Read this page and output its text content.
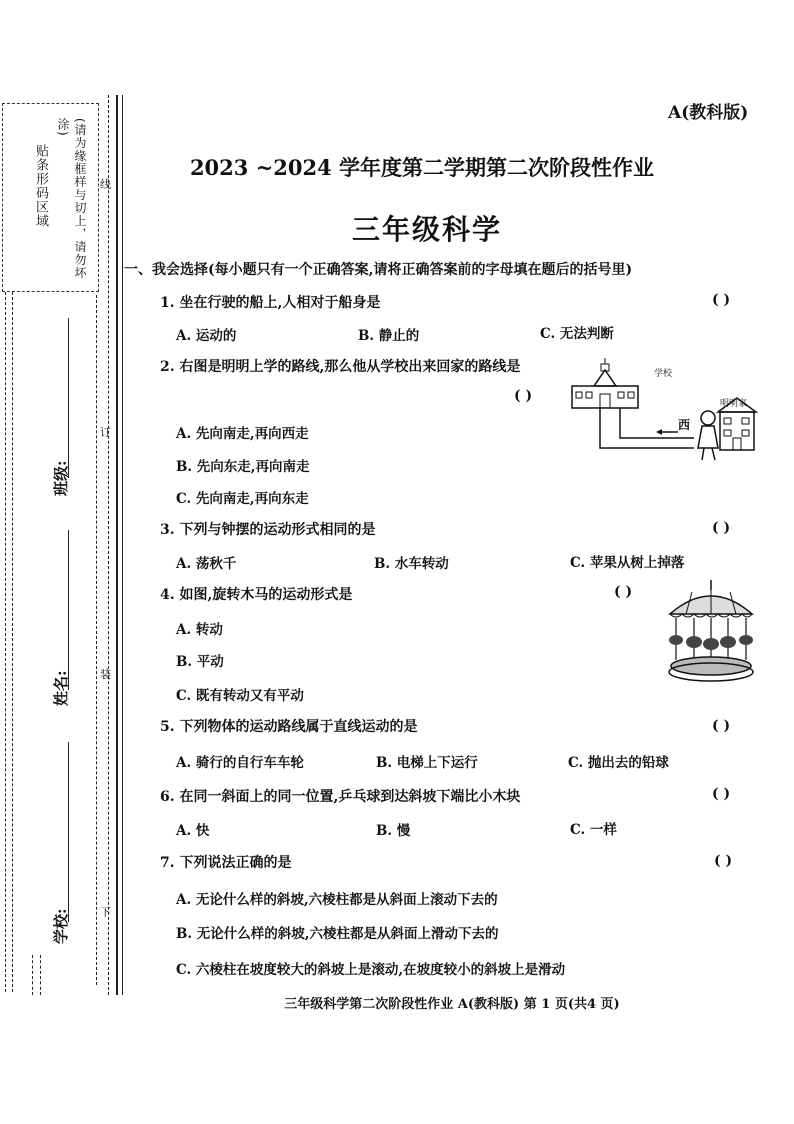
贴条形码区域	(请为缘框样与切上，请勿坏涂)
线
订
装
下
班级:
姓名:
学校:
A(教科版)
2023 ~2024 学年度第二学期第二次阶段性作业
三年级科学
一、我会选择(每小题只有一个正确答案,请将正确答案前的字母填在题后的括号里)
1. 坐在行驶的船上,人相对于船身是	( )
A. 运动的	B. 静止的	C. 无法判断
2. 右图是明明上学的路线,那么他从学校出来回家的路线是
( )
A. 先向南走,再向西走
B. 先向东走,再向南走
C. 先向南走,再向东走
学校
明明家
西
3. 下列与钟摆的运动形式相同的是	( )
A. 荡秋千	B. 水车转动	C. 苹果从树上掉落
4. 如图,旋转木马的运动形式是	( )
A. 转动
B. 平动
C. 既有转动又有平动
5. 下列物体的运动路线属于直线运动的是	( )
A. 骑行的自行车车轮	B. 电梯上下运行	C. 抛出去的铅球
6. 在同一斜面上的同一位置,乒乓球到达斜坡下端比小木块	( )
A. 快	B. 慢	C. 一样
7. 下列说法正确的是	( )
A. 无论什么样的斜坡,六棱柱都是从斜面上滚动下去的
B. 无论什么样的斜坡,六棱柱都是从斜面上滑动下去的
C. 六棱柱在坡度较大的斜坡上是滚动,在坡度较小的斜坡上是滑动
三年级科学第二次阶段性作业 A(教科版) 第 1 页(共4 页)
